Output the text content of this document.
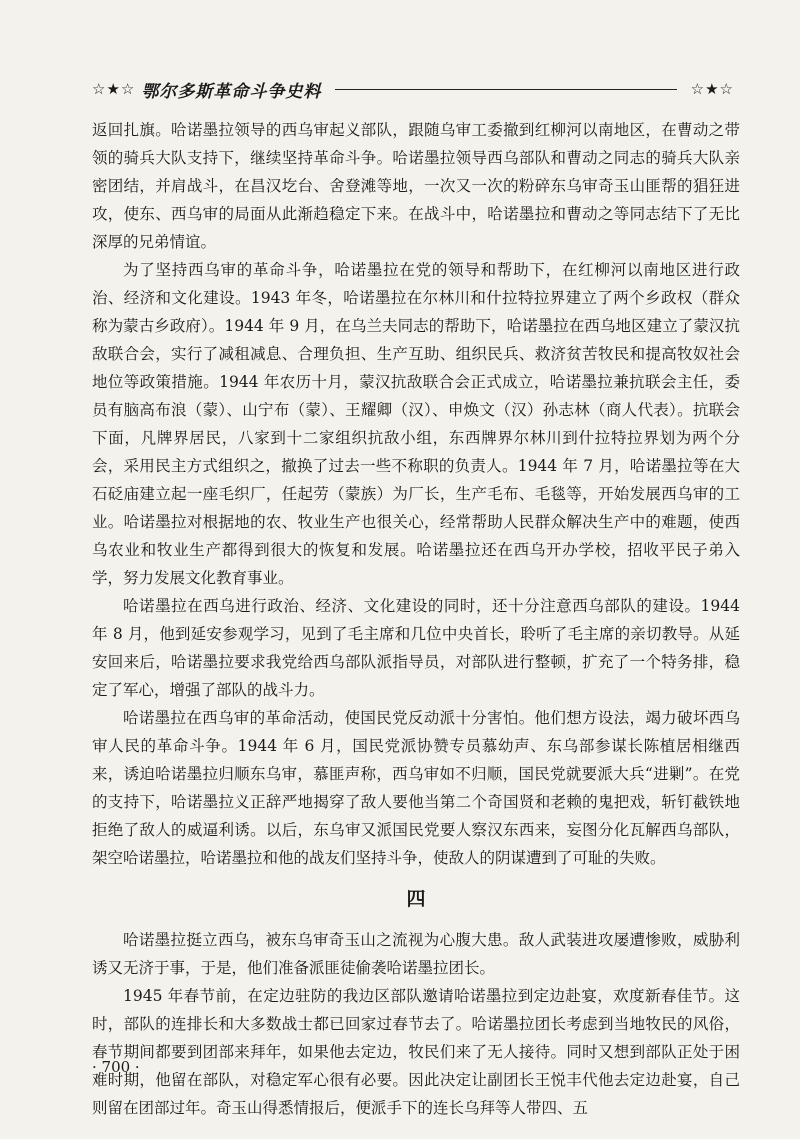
☆★☆ 鄂尔多斯革命斗争史料	☆★☆

返回扎旗。哈诺墨拉领导的西乌审起义部队，跟随乌审工委撤到红柳河以南地区，在曹动之带领的骑兵大队支持下，继续坚持革命斗争。哈诺墨拉领导西乌部队和曹动之同志的骑兵大队亲密团结，并肩战斗，在昌汉圪台、舍登滩等地，一次又一次的粉碎东乌审奇玉山匪帮的猖狂进攻，使东、西乌审的局面从此渐趋稳定下来。在战斗中，哈诺墨拉和曹动之等同志结下了无比深厚的兄弟情谊。

为了坚持西乌审的革命斗争，哈诺墨拉在党的领导和帮助下，在红柳河以南地区进行政治、经济和文化建设。1943 年冬，哈诺墨拉在尔林川和什拉特拉界建立了两个乡政权（群众称为蒙古乡政府）。1944 年 9 月，在乌兰夫同志的帮助下，哈诺墨拉在西乌地区建立了蒙汉抗敌联合会，实行了减租减息、合理负担、生产互助、组织民兵、救济贫苦牧民和提高牧奴社会地位等政策措施。1944 年农历十月，蒙汉抗敌联合会正式成立，哈诺墨拉兼抗联会主任，委员有脑高布浪（蒙）、山宁布（蒙）、王耀卿（汉）、申焕文（汉）孙志林（商人代表）。抗联会下面，凡牌界居民，八家到十二家组织抗敌小组，东西牌界尔林川到什拉特拉界划为两个分会，采用民主方式组织之，撤换了过去一些不称职的负责人。1944 年 7 月，哈诺墨拉等在大石砭庙建立起一座毛织厂，任起劳（蒙族）为厂长，生产毛布、毛毯等，开始发展西乌审的工业。哈诺墨拉对根据地的农、牧业生产也很关心，经常帮助人民群众解决生产中的难题，使西乌农业和牧业生产都得到很大的恢复和发展。哈诺墨拉还在西乌开办学校，招收平民子弟入学，努力发展文化教育事业。

哈诺墨拉在西乌进行政治、经济、文化建设的同时，还十分注意西乌部队的建设。1944 年 8 月，他到延安参观学习，见到了毛主席和几位中央首长，聆听了毛主席的亲切教导。从延安回来后，哈诺墨拉要求我党给西乌部队派指导员，对部队进行整顿，扩充了一个特务排，稳定了军心，增强了部队的战斗力。

哈诺墨拉在西乌审的革命活动，使国民党反动派十分害怕。他们想方设法，竭力破坏西乌审人民的革命斗争。1944 年 6 月，国民党派协赞专员慕幼声、东乌部参谋长陈植居相继西来，诱迫哈诺墨拉归顺东乌审，慕匪声称，西乌审如不归顺，国民党就要派大兵“进剿”。在党的支持下，哈诺墨拉义正辞严地揭穿了敌人要他当第二个奇国贤和老赖的鬼把戏，斩钉截铁地拒绝了敌人的威逼利诱。以后，东乌审又派国民党要人察汉东西来，妄图分化瓦解西乌部队，架空哈诺墨拉，哈诺墨拉和他的战友们坚持斗争，使敌人的阴谋遭到了可耻的失败。

四

哈诺墨拉挺立西乌，被东乌审奇玉山之流视为心腹大患。敌人武装进攻屡遭惨败，威胁利诱又无济于事，于是，他们准备派匪徒偷袭哈诺墨拉团长。

1945 年春节前，在定边驻防的我边区部队邀请哈诺墨拉到定边赴宴，欢度新春佳节。这时，部队的连排长和大多数战士都已回家过春节去了。哈诺墨拉团长考虑到当地牧民的风俗，春节期间都要到团部来拜年，如果他去定边，牧民们来了无人接待。同时又想到部队正处于困难时期，他留在部队，对稳定军心很有必要。因此决定让副团长王悦丰代他去定边赴宴，自己则留在团部过年。奇玉山得悉情报后，便派手下的连长乌拜等人带四、五

· 700 ·
